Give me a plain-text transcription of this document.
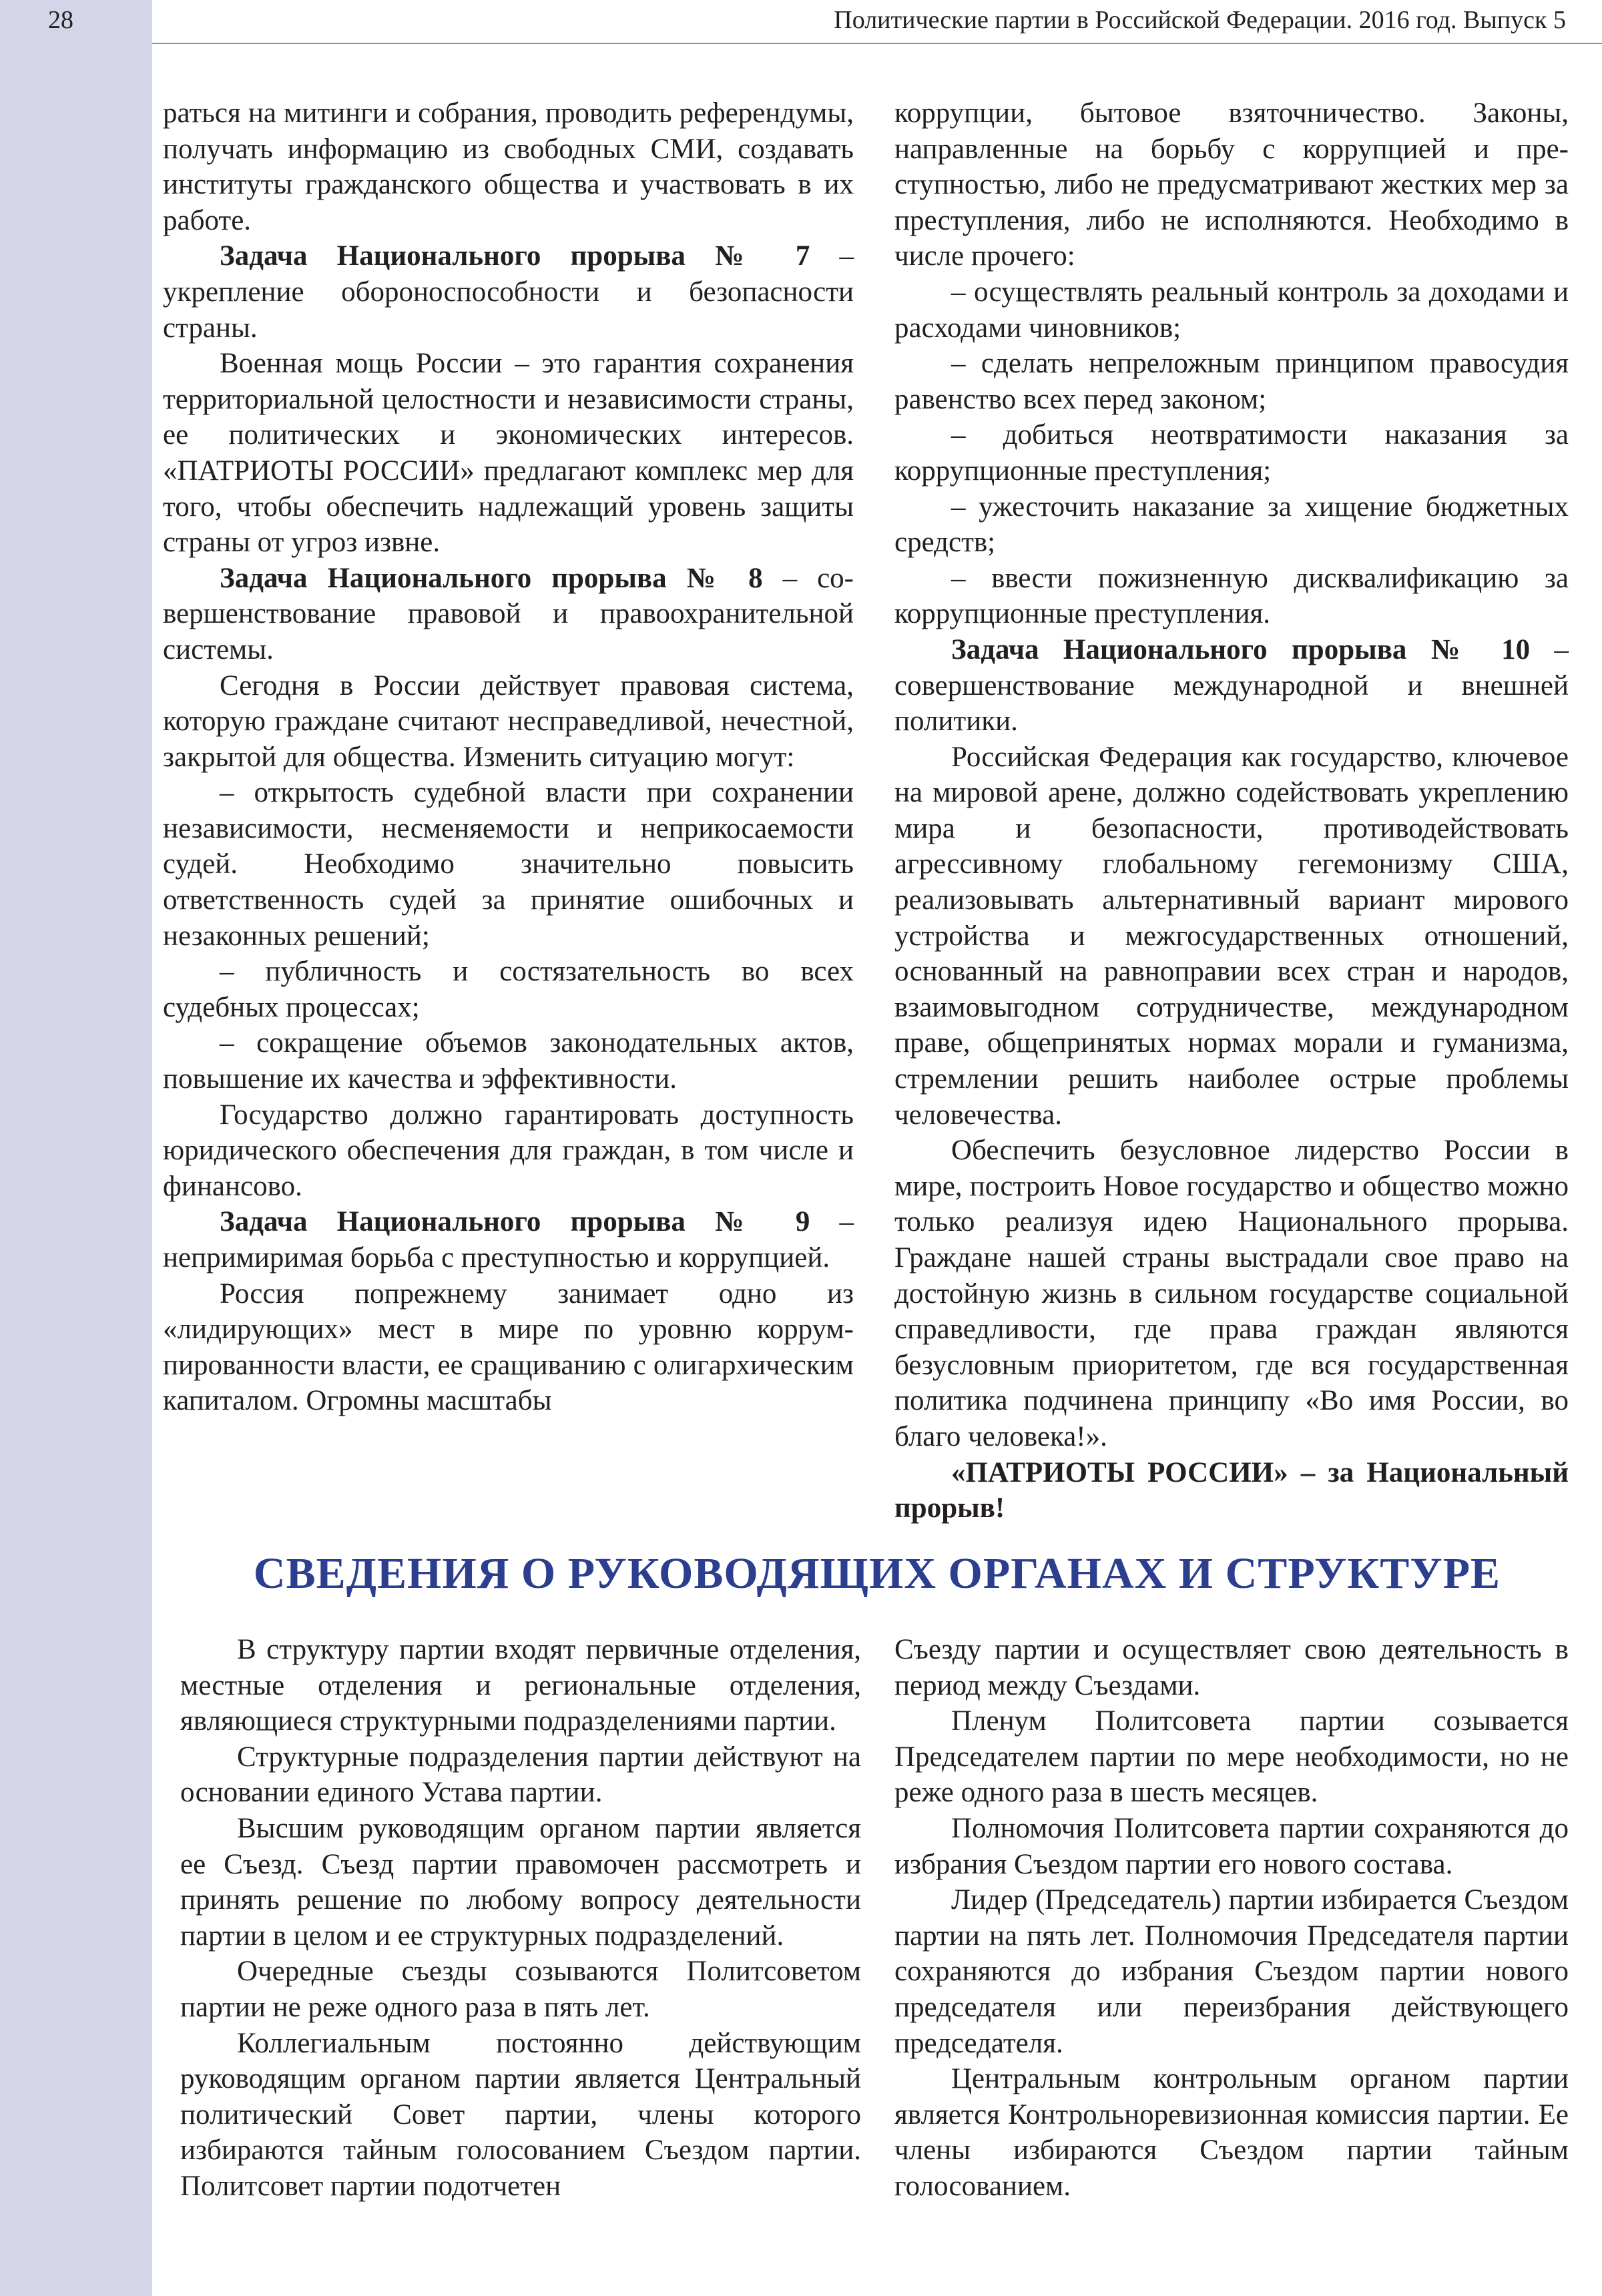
28	Политические партии в Российской Федерации. 2016 год. Выпуск 5

раться на митинги и собрания, проводить референдумы, получать информацию из свободных СМИ, создавать институты гражданского общества и участвовать в их работе.

Задача Национального прорыва № 7 – укрепление обороноспособности и безопасности страны.

Военная мощь России – это гарантия сохранения территориальной целостности и независимости страны, ее политических и экономических интересов. «ПАТРИОТЫ РОССИИ» предлагают комплекс мер для того, чтобы обеспечить надлежащий уровень защиты страны от угроз извне.

Задача Национального прорыва № 8 – совершенствование правовой и правоохранительной системы.

Сегодня в России действует правовая система, которую граждане считают несправедливой, нечестной, закрытой для общества. Изменить ситуацию могут:

– открытость судебной власти при сохранении независимости, несменяемости и неприкосаемости судей. Необходимо значительно повысить ответственность судей за принятие ошибочных и незаконных решений;

– публичность и состязательность во всех судебных процессах;

– сокращение объемов законодательных актов, повышение их качества и эффективности.

Государство должно гарантировать доступность юридического обеспечения для граждан, в том числе и финансово.

Задача Национального прорыва № 9 – непримиримая борьба с преступностью и коррупцией.

Россия попрежнему занимает одно из «лидирующих» мест в мире по уровню коррумпированности власти, ее сращиванию с олигархическим капиталом. Огромны масштабы

коррупции, бытовое взяточничество. Законы, направленные на борьбу с коррупцией и преступностью, либо не предусматривают жестких мер за преступления, либо не исполняются. Необходимо в числе прочего:

– осуществлять реальный контроль за доходами и расходами чиновников;

– сделать непреложным принципом правосудия равенство всех перед законом;

– добиться неотвратимости наказания за коррупционные преступления;

– ужесточить наказание за хищение бюджетных средств;

– ввести пожизненную дисквалификацию за коррупционные преступления.

Задача Национального прорыва № 10 – совершенствование международной и внешней политики.

Российская Федерация как государство, ключевое на мировой арене, должно содействовать укреплению мира и безопасности, противодействовать агрессивному глобальному гегемонизму США, реализовывать альтернативный вариант мирового устройства и межгосударственных отношений, основанный на равноправии всех стран и народов, взаимовыгодном сотрудничестве, международном праве, общепринятых нормах морали и гуманизма, стремлении решить наиболее острые проблемы человечества.

Обеспечить безусловное лидерство России в мире, построить Новое государство и общество можно только реализуя идею Национального прорыва. Граждане нашей страны выстрадали свое право на достойную жизнь в сильном государстве социальной справедливости, где права граждан являются безусловным приоритетом, где вся государственная политика подчинена принципу «Во имя России, во благо человека!».

«ПАТРИОТЫ РОССИИ» – за Национальный прорыв!

СВЕДЕНИЯ О РУКОВОДЯЩИХ ОРГАНАХ И СТРУКТУРЕ

В структуру партии входят первичные отделения, местные отделения и региональные отделения, являющиеся структурными подразделениями партии.

Структурные подразделения партии действуют на основании единого Устава партии.

Высшим руководящим органом партии является ее Съезд. Съезд партии правомочен рассмотреть и принять решение по любому вопросу деятельности партии в целом и ее структурных подразделений.

Очередные съезды созываются Политсоветом партии не реже одного раза в пять лет.

Коллегиальным постоянно действующим руководящим органом партии является Центральный политический Совет партии, члены которого избираются тайным голосованием Съездом партии. Политсовет партии подотчетен

Съезду партии и осуществляет свою деятельность в период между Съездами.

Пленум Политсовета партии созывается Председателем партии по мере необходимости, но не реже одного раза в шесть месяцев.

Полномочия Политсовета партии сохраняются до избрания Съездом партии его нового состава.

Лидер (Председатель) партии избирается Съездом партии на пять лет. Полномочия Председателя партии сохраняются до избрания Съездом партии нового председателя или переизбрания действующего председателя.

Центральным контрольным органом партии является Контрольноревизионная комиссия партии. Ее члены избираются Съездом партии тайным голосованием.
